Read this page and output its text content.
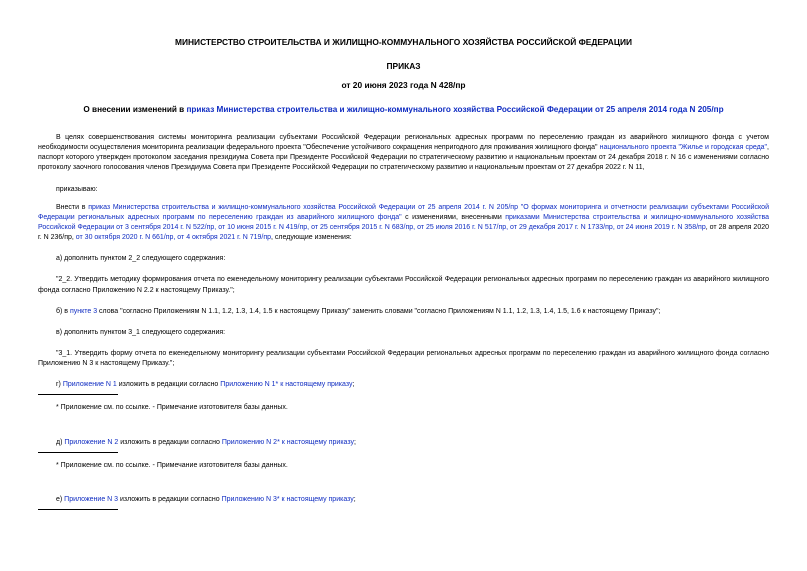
МИНИСТЕРСТВО СТРОИТЕЛЬСТВА И ЖИЛИЩНО-КОММУНАЛЬНОГО ХОЗЯЙСТВА РОССИЙСКОЙ ФЕДЕРАЦИИ
ПРИКАЗ
от 20 июня 2023 года N 428/пр
О внесении изменений в приказ Министерства строительства и жилищно-коммунального хозяйства Российской Федерации от 25 апреля 2014 года N 205/пр

В целях совершенствования системы мониторинга реализации субъектами Российской Федерации региональных адресных программ по переселению граждан из аварийного жилищного фонда с учетом необходимости осуществления мониторинга реализации федерального проекта "Обеспечение устойчивого сокращения непригодного для проживания жилищного фонда" национального проекта "Жилье и городская среда", паспорт которого утвержден протоколом заседания президиума Совета при Президенте Российской Федерации по стратегическому развитию и национальным проектам от 24 декабря 2018 г. N 16 с изменениями согласно протоколу заочного голосования членов Президиума Совета при Президенте Российской Федерации по стратегическому развитию и национальным проектам от 27 декабря 2022 г. N 11,

приказываю:

Внести в приказ Министерства строительства и жилищно-коммунального хозяйства Российской Федерации от 25 апреля 2014 г. N 205/пр "О формах мониторинга и отчетности реализации субъектами Российской Федерации региональных адресных программ по переселению граждан из аварийного жилищного фонда" с изменениями, внесенными приказами Министерства строительства и жилищно-коммунального хозяйства Российской Федерации от 3 сентября 2014 г. N 522/пр, от 10 июня 2015 г. N 419/пр, от 25 сентября 2015 г. N 683/пр, от 25 июля 2016 г. N 517/пр, от 29 декабря 2017 г. N 1733/пр, от 24 июня 2019 г. N 358/пр, от 28 апреля 2020 г. N 236/пр, от 30 октября 2020 г. N 661/пр, от 4 октября 2021 г. N 719/пр, следующие изменения:

а) дополнить пунктом 2_2 следующего содержания:

"2_2. Утвердить методику формирования отчета по еженедельному мониторингу реализации субъектами Российской Федерации региональных адресных программ по переселению граждан из аварийного жилищного фонда согласно Приложению N 2.2 к настоящему Приказу.";

б) в пункте 3 слова "согласно Приложениям N 1.1, 1.2, 1.3, 1.4, 1.5 к настоящему Приказу" заменить словами "согласно Приложениям N 1.1, 1.2, 1.3, 1.4, 1.5, 1.6 к настоящему Приказу";

в) дополнить пунктом 3_1 следующего содержания:

"3_1. Утвердить форму отчета по еженедельному мониторингу реализации субъектами Российской Федерации региональных адресных программ по переселению граждан из аварийного жилищного фонда согласно Приложению N 3 к настоящему Приказу.";

г) Приложение N 1 изложить в редакции согласно Приложению N 1* к настоящему приказу;

* Приложение см. по ссылке. - Примечание изготовителя базы данных.

д) Приложение N 2 изложить в редакции согласно Приложению N 2* к настоящему приказу;

* Приложение см. по ссылке. - Примечание изготовителя базы данных.

е) Приложение N 3 изложить в редакции согласно Приложению N 3* к настоящему приказу;
